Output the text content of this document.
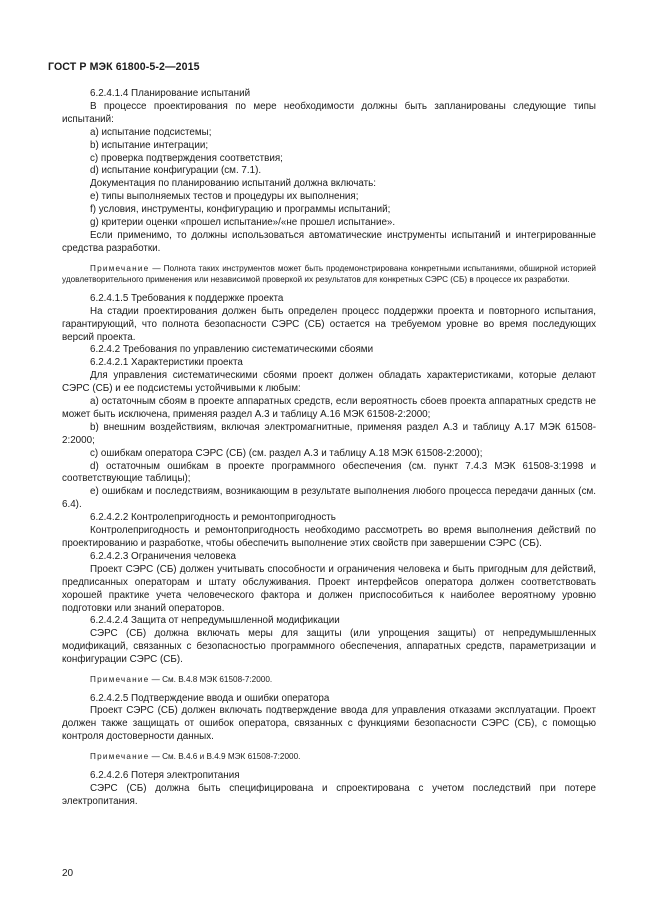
ГОСТ Р МЭК 61800-5-2—2015

6.2.4.1.4 Планирование испытаний

В процессе проектирования по мере необходимости должны быть запланированы следующие типы испытаний:

a) испытание подсистемы;

b) испытание интеграции;

c) проверка подтверждения соответствия;

d) испытание конфигурации (см. 7.1).

Документация по планированию испытаний должна включать:

e) типы выполняемых тестов и процедуры их выполнения;

f) условия, инструменты, конфигурацию и программы испытаний;

g) критерии оценки «прошел испытание»/«не прошел испытание».

Если применимо, то должны использоваться автоматические инструменты испытаний и интегрированные средства разработки.

Примечание — Полнота таких инструментов может быть продемонстрирована конкретными испытаниями, обширной историей удовлетворительного применения или независимой проверкой их результатов для конкретных СЭРС (СБ) в процессе их разработки.

6.2.4.1.5 Требования к поддержке проекта

На стадии проектирования должен быть определен процесс поддержки проекта и повторного испытания, гарантирующий, что полнота безопасности СЭРС (СБ) остается на требуемом уровне во время последующих версий проекта.

6.2.4.2 Требования по управлению систематическими сбоями

6.2.4.2.1 Характеристики проекта

Для управления систематическими сбоями проект должен обладать характеристиками, которые делают СЭРС (СБ) и ее подсистемы устойчивыми к любым:

a) остаточным сбоям в проекте аппаратных средств, если вероятность сбоев проекта аппаратных средств не может быть исключена, применяя раздел А.3 и таблицу А.16 МЭК 61508-2:2000;

b) внешним воздействиям, включая электромагнитные, применяя раздел А.3 и таблицу А.17 МЭК 61508-2:2000;

c) ошибкам оператора СЭРС (СБ) (см. раздел А.3 и таблицу А.18 МЭК 61508-2:2000);

d) остаточным ошибкам в проекте программного обеспечения (см. пункт 7.4.3 МЭК 61508-3:1998 и соответствующие таблицы);

e) ошибкам и последствиям, возникающим в результате выполнения любого процесса передачи данных (см. 6.4).

6.2.4.2.2 Контролепригодность и ремонтопригодность

Контролепригодность и ремонтопригодность необходимо рассмотреть во время выполнения действий по проектированию и разработке, чтобы обеспечить выполнение этих свойств при завершении СЭРС (СБ).

6.2.4.2.3 Ограничения человека

Проект СЭРС (СБ) должен учитывать способности и ограничения человека и быть пригодным для действий, предписанных операторам и штату обслуживания. Проект интерфейсов оператора должен соответствовать хорошей практике учета человеческого фактора и должен приспособиться к наиболее вероятному уровню подготовки или знаний операторов.

6.2.4.2.4 Защита от непредумышленной модификации

СЭРС (СБ) должна включать меры для защиты (или упрощения защиты) от непредумышленных модификаций, связанных с безопасностью программного обеспечения, аппаратных средств, параметризации и конфигурации СЭРС (СБ).

Примечание — См. В.4.8 МЭК 61508-7:2000.

6.2.4.2.5 Подтверждение ввода и ошибки оператора

Проект СЭРС (СБ) должен включать подтверждение ввода для управления отказами эксплуатации. Проект должен также защищать от ошибок оператора, связанных с функциями безопасности СЭРС (СБ), с помощью контроля достоверности данных.

Примечание — См. В.4.6 и В.4.9 МЭК 61508-7:2000.

6.2.4.2.6 Потеря электропитания

СЭРС (СБ) должна быть специфицирована и спроектирована с учетом последствий при потере электропитания.

20
